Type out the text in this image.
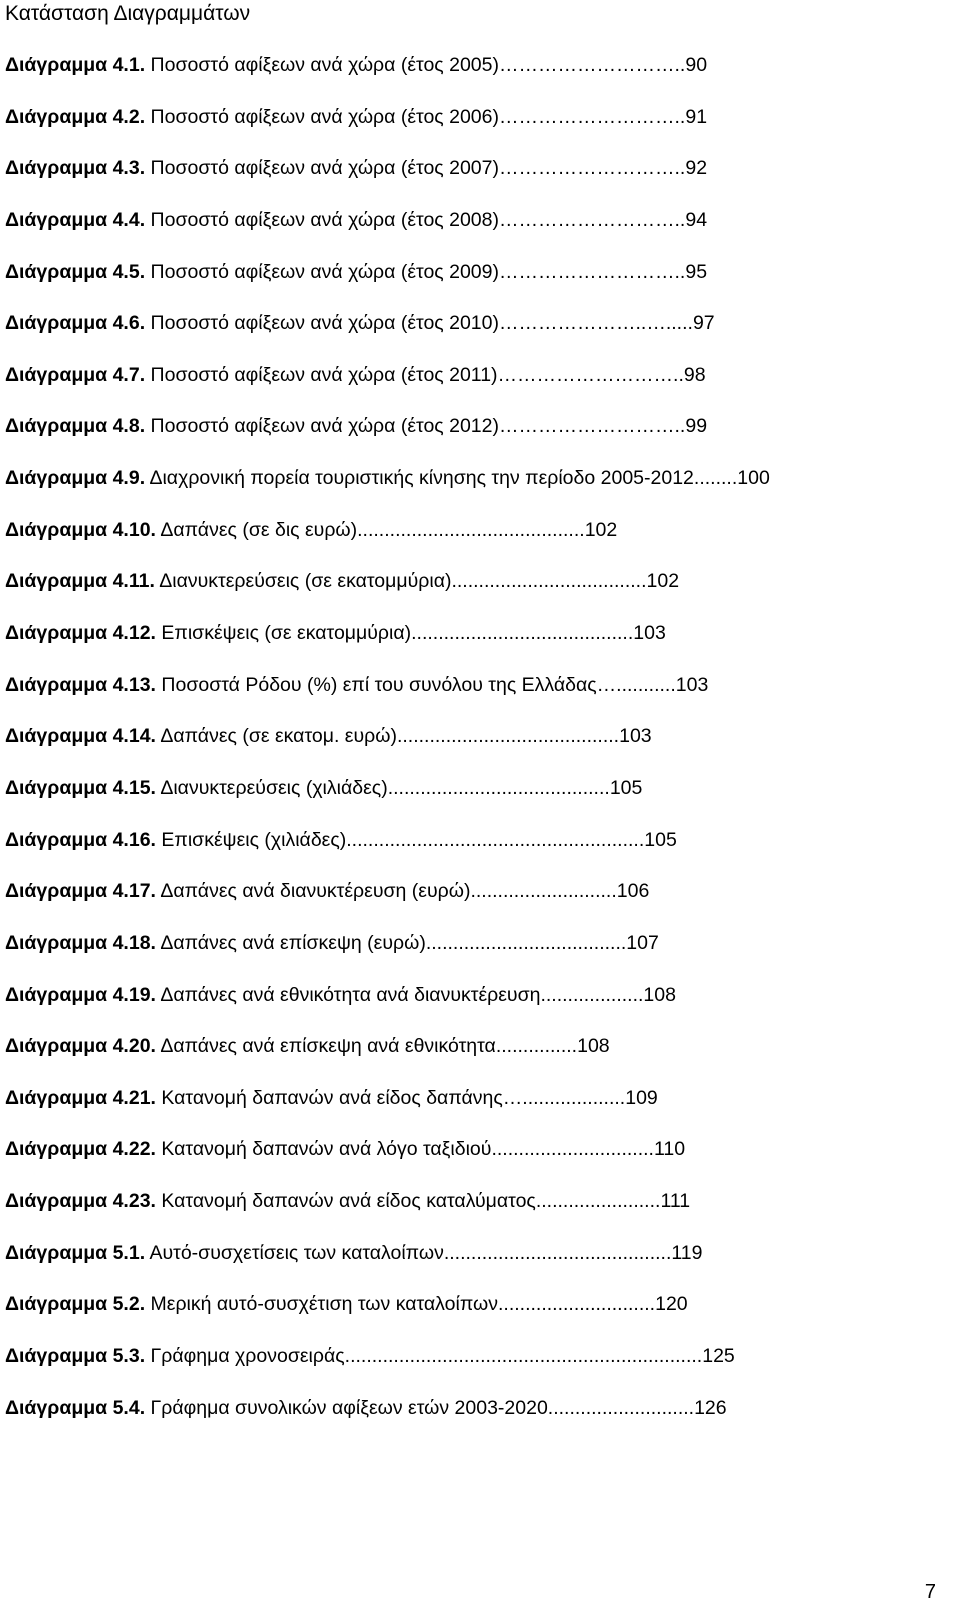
Κατάσταση Διαγραμμάτων
Διάγραμμα 4.1. Ποσοστό αφίξεων ανά χώρα (έτος 2005)………………………..90
Διάγραμμα 4.2. Ποσοστό αφίξεων ανά χώρα (έτος 2006)………………………..91
Διάγραμμα 4.3. Ποσοστό αφίξεων ανά χώρα (έτος 2007)………………………..92
Διάγραμμα 4.4. Ποσοστό αφίξεων ανά χώρα (έτος 2008)………………………..94
Διάγραμμα 4.5. Ποσοστό αφίξεων ανά χώρα (έτος 2009)………………………..95
Διάγραμμα 4.6. Ποσοστό αφίξεων ανά χώρα (έτος 2010)…………………..….....97
Διάγραμμα 4.7. Ποσοστό αφίξεων ανά χώρα (έτος 2011)………………………..98
Διάγραμμα 4.8. Ποσοστό αφίξεων ανά χώρα (έτος 2012)………………………..99
Διάγραμμα 4.9. Διαχρονική πορεία τουριστικής κίνησης την περίοδο 2005-2012........100
Διάγραμμα 4.10. Δαπάνες (σε δις ευρώ)..........................................102
Διάγραμμα 4.11. Διανυκτερεύσεις (σε εκατομμύρια)....................................102
Διάγραμμα 4.12. Επισκέψεις (σε εκατομμύρια).........................................103
Διάγραμμα 4.13. Ποσοστά Ρόδου (%) επί του συνόλου της Ελλάδας…...........103
Διάγραμμα 4.14. Δαπάνες (σε εκατομ. ευρώ).........................................103
Διάγραμμα 4.15. Διανυκτερεύσεις (χιλιάδες).........................................105
Διάγραμμα 4.16. Επισκέψεις (χιλιάδες).......................................................105
Διάγραμμα 4.17. Δαπάνες ανά διανυκτέρευση (ευρώ)...........................106
Διάγραμμα 4.18. Δαπάνες ανά επίσκεψη (ευρώ).....................................107
Διάγραμμα 4.19. Δαπάνες ανά εθνικότητα ανά διανυκτέρευση...................108
Διάγραμμα 4.20. Δαπάνες ανά επίσκεψη ανά εθνικότητα...............108
Διάγραμμα 4.21. Κατανομή δαπανών ανά είδος δαπάνης…...................109
Διάγραμμα 4.22. Κατανομή δαπανών ανά λόγο ταξιδιού..............................110
Διάγραμμα 4.23. Κατανομή δαπανών ανά είδος καταλύματος.......................111
Διάγραμμα 5.1. Αυτό-συσχετίσεις των καταλοίπων..........................................119
Διάγραμμα 5.2. Μερική αυτό-συσχέτιση των καταλοίπων.............................120
Διάγραμμα 5.3. Γράφημα χρονοσειράς..................................................................125
Διάγραμμα 5.4. Γράφημα συνολικών αφίξεων ετών 2003-2020...........................126
7
